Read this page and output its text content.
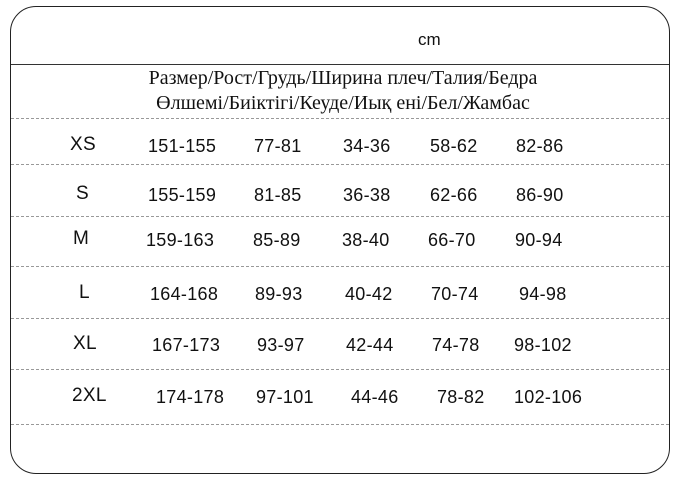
cm
Размер/Рост/Грудь/Ширина плеч/Талия/Бедра
Өлшемі/Биіктігі/Кеуде/Иық ені/Бел/Жамбас
XS	151-155 77-81 34-36 58-62 82-86
S	155-159 81-85 36-38 62-66 86-90
M	159-163 85-89 38-40 66-70 90-94
L	164-168 89-93 40-42 70-74 94-98
XL	167-173 93-97 42-44 74-78 98-102
2XL	174-178 97-101 44-46 78-82 102-106
